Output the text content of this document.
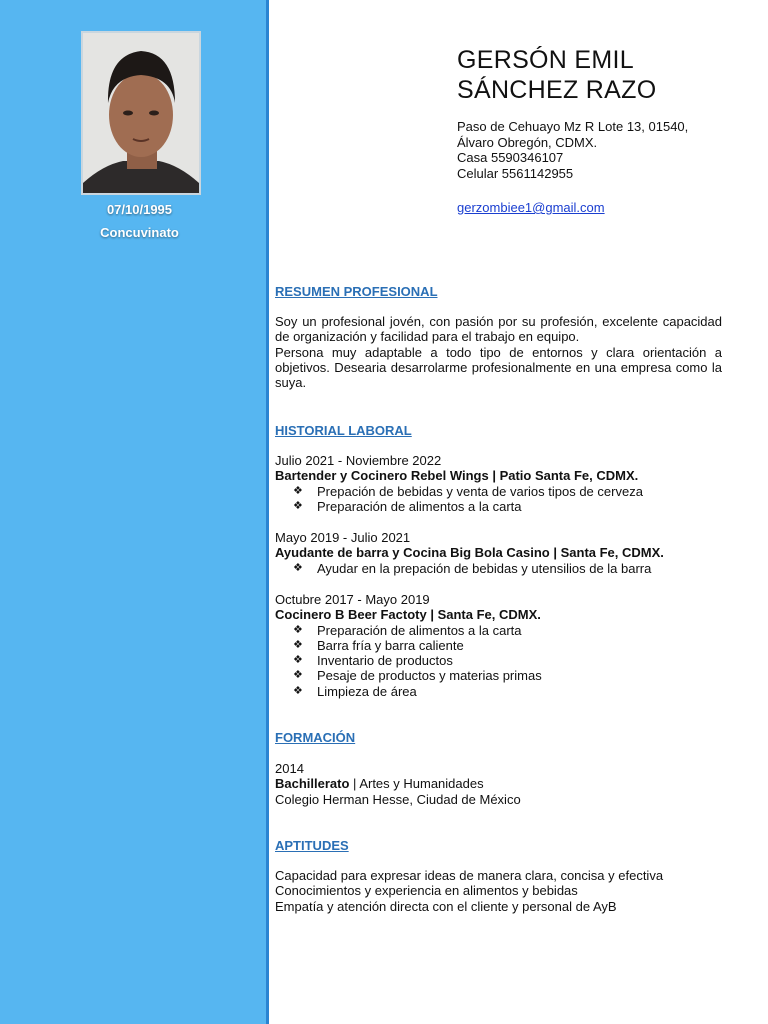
07/10/1995
Concuvinato
GERSÓN EMIL
SÁNCHEZ RAZO
Paso de Cehuayo Mz R Lote 13, 01540,
Álvaro Obregón, CDMX.
Casa 5590346107
Celular 5561142955
gerzombiee1@gmail.com
RESUMEN PROFESIONAL
Soy un profesional jovén, con pasión por su profesión, excelente capacidad de organización y facilidad para el trabajo en equipo.
Persona muy adaptable a todo tipo de entornos y clara orientación a objetivos. Desearia desarrolarme profesionalmente en una empresa como la suya.
HISTORIAL LABORAL
Julio 2021 - Noviembre 2022
Bartender y Cocinero Rebel Wings | Patio Santa Fe, CDMX.
❖ Prepación de bebidas y venta de varios tipos de cerveza
❖ Preparación de alimentos a la carta
Mayo 2019 - Julio 2021
Ayudante de barra y Cocina Big Bola Casino | Santa Fe, CDMX.
❖ Ayudar en la prepación de bebidas y utensilios de la barra
Octubre 2017 - Mayo 2019
Cocinero B Beer Factoty | Santa Fe, CDMX.
❖ Preparación de alimentos a la carta
❖ Barra fría y barra caliente
❖ Inventario de productos
❖ Pesaje de productos y materias primas
❖ Limpieza de área
FORMACIÓN
2014
Bachillerato | Artes y Humanidades
Colegio Herman Hesse, Ciudad de México
APTITUDES
Capacidad para expresar ideas de manera clara, concisa y efectiva
Conocimientos y experiencia en alimentos y bebidas
Empatía y atención directa con el cliente y personal de AyB
